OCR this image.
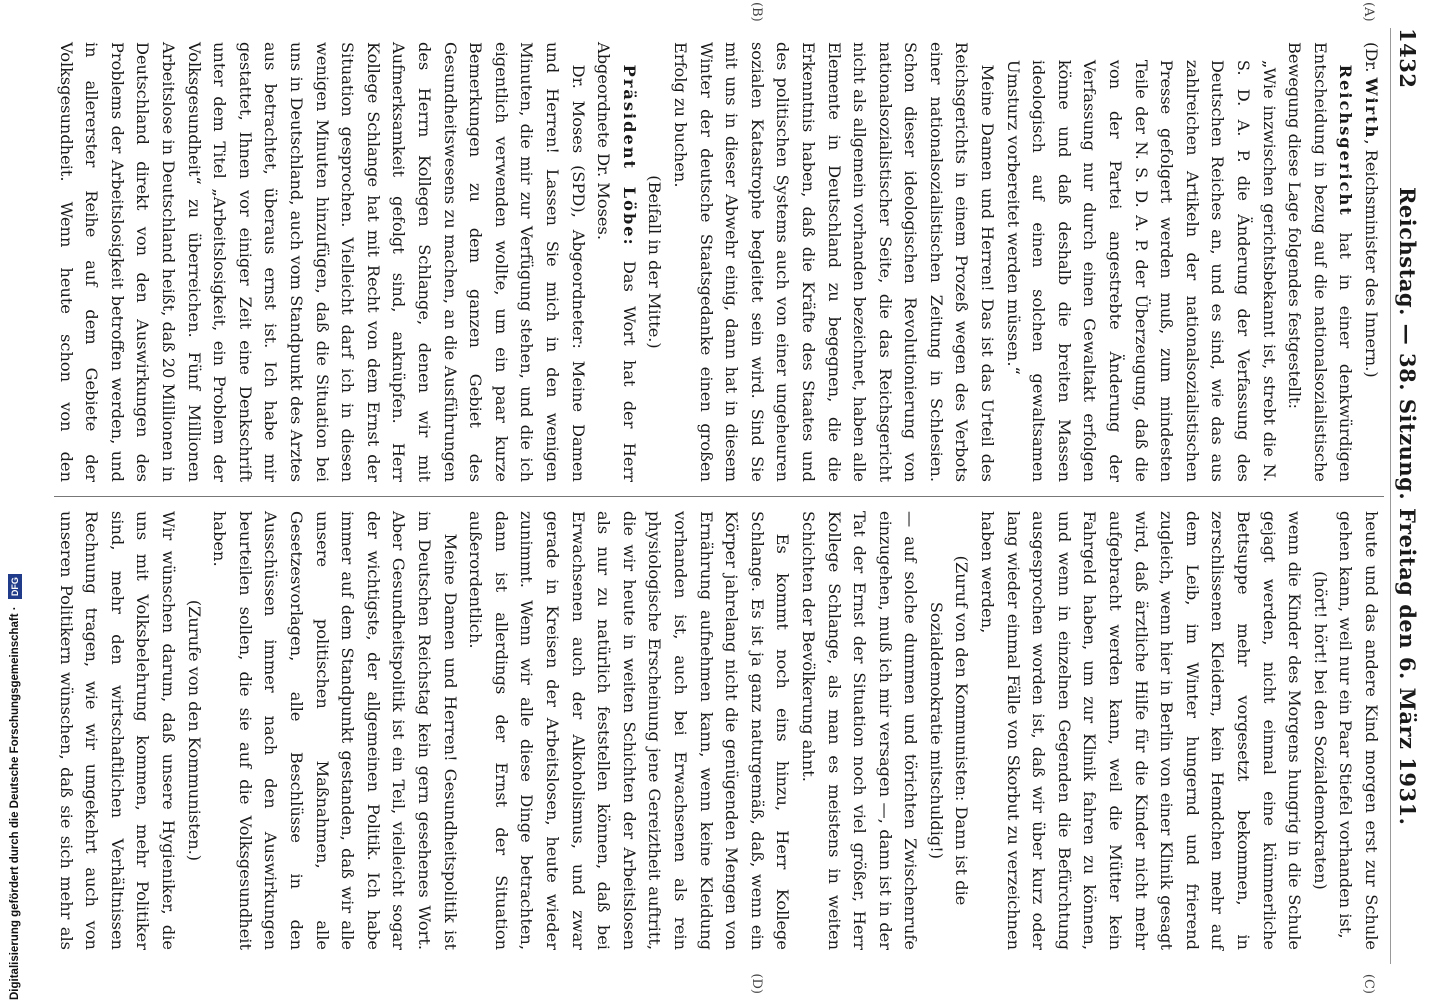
1432
Reichstag. — 38. Sitzung. Freitag den 6. März 1931.

(Dr. Wirth, Reichsminister des Innern.)

Reichsgericht hat in einer denkwürdigen Entscheidung in bezug auf die nationalsozialistische Bewegung diese Lage folgendes festgestellt:

„Wie inzwischen gerichtsbekannt ist, strebt die N. S. D. A. P. die Änderung der Verfassung des Deutschen Reiches an, und es sind, wie das aus zahlreichen Artikeln der nationalsozialistischen Presse gefolgert werden muß, zum mindesten Teile der N. S. D. A. P. der Überzeugung, daß die von der Partei angestrebte Änderung der Verfassung nur durch einen Gewaltakt erfolgen könne und daß deshalb die breiten Massen ideologisch auf einen solchen gewaltsamen Umsturz vorbereitet werden müssen.“

Meine Damen und Herren! Das ist das Urteil des Reichsgerichts in einem Prozeß wegen des Verbots einer nationalsozialistischen Zeitung in Schlesien. Schon dieser ideologischen Revolutionierung von nationalsozialistischer Seite, die das Reichsgericht nicht als allgemein vorhanden bezeichnet, haben alle Elemente in Deutschland zu begegnen, die die Erkenntnis haben, daß die Kräfte des Staates und des politischen Systems auch von einer ungeheuren sozialen Katastrophe begleitet sein wird. Sind Sie mit uns in dieser Abwehr einig, dann hat in diesem Winter der deutsche Staatsgedanke einen großen Erfolg zu buchen.

(Beifall in der Mitte.)

Präsident Löbe: Das Wort hat der Herr Abgeordnete Dr. Moses.

Dr. Moses (SPD), Abgeordneter: Meine Damen und Herren! Lassen Sie mich in den wenigen Minuten, die mir zur Verfügung stehen, und die ich eigentlich verwenden wollte, um ein paar kurze Bemerkungen zu dem ganzen Gebiet des Gesundheitswesens zu machen, an die Ausführungen des Herrn Kollegen Schlange, denen wir mit Aufmerksamkeit gefolgt sind, anknüpfen. Herr Kollege Schlange hat mit Recht von dem Ernst der Situation gesprochen. Vielleicht darf ich in diesen wenigen Minuten hinzufügen, daß die Situation bei uns in Deutschland, auch vom Standpunkt des Arztes aus betrachtet, überaus ernst ist. Ich habe mir gestattet, Ihnen vor einiger Zeit eine Denkschrift unter dem Titel „Arbeitslosigkeit, ein Problem der Volksgesundheit“ zu überreichen. Fünf Millionen Arbeitslose in Deutschland heißt, daß 20 Millionen in Deutschland direkt von den Auswirkungen des Problems der Arbeitslosigkeit betroffen werden, und in allererster Reihe auf dem Gebiete der Volksgesundheit. Wenn heute schon von den

heute und das andere Kind morgen erst zur Schule gehen kann, weil nur ein Paar Stiefel vorhanden ist,

(hört! hört! bei den Sozialdemokraten)

wenn die Kinder des Morgens hungrig in die Schule gejagt werden, nicht einmal eine kümmerliche Bettsuppe mehr vorgesetzt bekommen, in zerschlissenen Kleidern, kein Hemdchen mehr auf dem Leib, im Winter hungernd und frierend zugleich, wenn hier in Berlin von einer Klinik gesagt wird, daß ärztliche Hilfe für die Kinder nicht mehr aufgebracht werden kann, weil die Mütter kein Fahrgeld haben, um zur Klinik fahren zu können, und wenn in einzelnen Gegenden die Befürchtung ausgesprochen worden ist, daß wir über kurz oder lang wieder einmal Fälle von Skorbut zu verzeichnen haben werden,

(Zuruf von den Kommunisten: Dann ist die Sozialdemokratie mitschuldig!)

— auf solche dummen und törichten Zwischenrufe einzugehen, muß ich mir versagen —, dann ist in der Tat der Ernst der Situation noch viel größer, Herr Kollege Schlange, als man es meistens in weiten Schichten der Bevölkerung ahnt.

Es kommt noch eins hinzu, Herr Kollege Schlange. Es ist ja ganz naturgemäß, daß, wenn ein Körper jahrelang nicht die genügenden Mengen von Ernährung aufnehmen kann, wenn keine Kleidung vorhanden ist, auch bei Erwachsenen als rein physiologische Erscheinung jene Gereiztheit auftritt, die wir heute in weiten Schichten der Arbeitslosen als nur zu natürlich feststellen können, daß bei Erwachsenen auch der Alkoholismus, und zwar gerade in Kreisen der Arbeitslosen, heute wieder zunimmt. Wenn wir alle diese Dinge betrachten, dann ist allerdings der Ernst der Situation außerordentlich.

Meine Damen und Herren! Gesundheitspolitik ist im Deutschen Reichstag kein gern gesehenes Wort. Aber Gesundheitspolitik ist ein Teil, vielleicht sogar der wichtigste, der allgemeinen Politik. Ich habe immer auf dem Standpunkt gestanden, daß wir alle unsere politischen Maßnahmen, alle Gesetzesvorlagen, alle Beschlüsse in den Ausschüssen immer nach den Auswirkungen beurteilen sollen, die sie auf die Volksgesundheit haben.

(Zurufe von den Kommunisten.)

Wir wünschen darum, daß unsere Hygieniker, die uns mit Volksbelehrung kommen, mehr Politiker sind, mehr den wirtschaftlichen Verhältnissen Rechnung tragen, wie wir umgekehrt auch von unseren Politikern wünschen, daß sie sich mehr als

(A)
(B)
(C)
(D)
Digitalisierung gefördert durch die Deutsche Forschungsgemeinschaft · DFG
